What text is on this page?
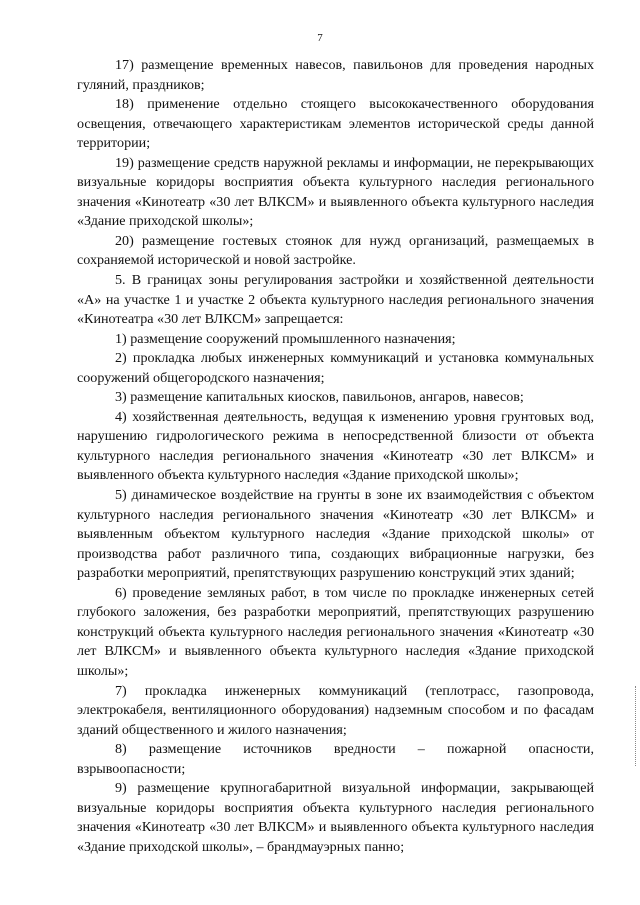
7

17) размещение временных навесов, павильонов для проведения народных гуляний, праздников;

18) применение отдельно стоящего высококачественного оборудования освещения, отвечающего характеристикам элементов исторической среды данной территории;

19) размещение средств наружной рекламы и информации, не перекрывающих визуальные коридоры восприятия объекта культурного наследия регионального значения «Кинотеатр «30 лет ВЛКСМ» и выявленного объекта культурного наследия «Здание приходской школы»;

20) размещение гостевых стоянок для нужд организаций, размещаемых в сохраняемой исторической и новой застройке.

5. В границах зоны регулирования застройки и хозяйственной деятельности «А» на участке 1 и участке 2 объекта культурного наследия регионального значения «Кинотеатра «30 лет ВЛКСМ» запрещается:

1) размещение сооружений промышленного назначения;

2) прокладка любых инженерных коммуникаций и установка коммунальных сооружений общегородского назначения;

3) размещение капитальных киосков, павильонов, ангаров, навесов;

4) хозяйственная деятельность, ведущая к изменению уровня грунтовых вод, нарушению гидрологического режима в непосредственной близости от объекта культурного наследия регионального значения «Кинотеатр «30 лет ВЛКСМ» и выявленного объекта культурного наследия «Здание приходской школы»;

5) динамическое воздействие на грунты в зоне их взаимодействия с объектом культурного наследия регионального значения «Кинотеатр «30 лет ВЛКСМ» и выявленным объектом культурного наследия «Здание приходской школы» от производства работ различного типа, создающих вибрационные нагрузки, без разработки мероприятий, препятствующих разрушению конструкций этих зданий;

6) проведение земляных работ, в том числе по прокладке инженерных сетей глубокого заложения, без разработки мероприятий, препятствующих разрушению конструкций объекта культурного наследия регионального значения «Кинотеатр «30 лет ВЛКСМ» и выявленного объекта культурного наследия «Здание приходской школы»;

7) прокладка инженерных коммуникаций (теплотрасс, газопровода, электрокабеля, вентиляционного оборудования) надземным способом и по фасадам зданий общественного и жилого назначения;

8) размещение источников вредности – пожарной опасности, взрывоопасности;

9) размещение крупногабаритной визуальной информации, закрывающей визуальные коридоры восприятия объекта культурного наследия регионального значения «Кинотеатр «30 лет ВЛКСМ» и выявленного объекта культурного наследия «Здание приходской школы», – брандмауэрных панно;
